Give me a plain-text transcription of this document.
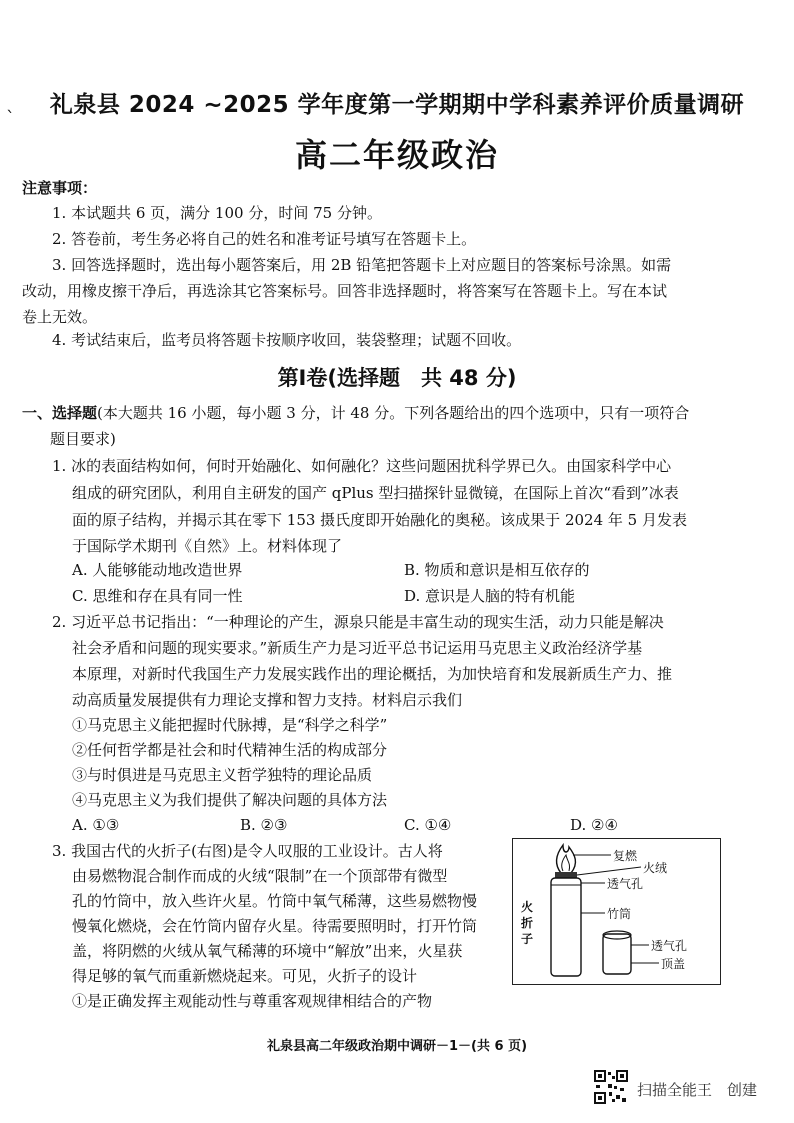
`
礼泉县 2024 ~2025 学年度第一学期期中学科素养评价质量调研
高二年级政治
注意事项：
1. 本试题共 6 页，满分 100 分，时间 75 分钟。
2. 答卷前，考生务必将自己的姓名和准考证号填写在答题卡上。
3. 回答选择题时，选出每小题答案后，用 2B 铅笔把答题卡上对应题目的答案标号涂黑。如需
改动，用橡皮擦干净后，再选涂其它答案标号。回答非选择题时，将答案写在答题卡上。写在本试
卷上无效。
4. 考试结束后，监考员将答题卡按顺序收回，装袋整理；试题不回收。
第Ⅰ卷(选择题　共 48 分)
一、选择题(本大题共 16 小题，每小题 3 分，计 48 分。下列各题给出的四个选项中，只有一项符合
题目要求)
1. 冰的表面结构如何，何时开始融化、如何融化？这些问题困扰科学界已久。由国家科学中心
组成的研究团队，利用自主研发的国产 qPlus 型扫描探针显微镜，在国际上首次“看到”冰表
面的原子结构，并揭示其在零下 153 摄氏度即开始融化的奥秘。该成果于 2024 年 5 月发表
于国际学术期刊《自然》上。材料体现了
A. 人能够能动地改造世界	B. 物质和意识是相互依存的
C. 思维和存在具有同一性	D. 意识是人脑的特有机能
2. 习近平总书记指出：“一种理论的产生，源泉只能是丰富生动的现实生活，动力只能是解决
社会矛盾和问题的现实要求。”新质生产力是习近平总书记运用马克思主义政治经济学基
本原理，对新时代我国生产力发展实践作出的理论概括，为加快培育和发展新质生产力、推
动高质量发展提供有力理论支撑和智力支持。材料启示我们
①马克思主义能把握时代脉搏，是“科学之科学”
②任何哲学都是社会和时代精神生活的构成部分
③与时俱进是马克思主义哲学独特的理论品质
④马克思主义为我们提供了解决问题的具体方法
A. ①③	B. ②③	C. ①④	D. ②④
3. 我国古代的火折子(右图)是令人叹服的工业设计。古人将
由易燃物混合制作而成的火绒“限制”在一个顶部带有微型
孔的竹筒中，放入些许火星。竹筒中氧气稀薄，这些易燃物慢
慢氧化燃烧，会在竹筒内留存火星。待需要照明时，打开竹筒
盖，将阴燃的火绒从氧气稀薄的环境中“解放”出来，火星获
得足够的氧气而重新燃烧起来。可见，火折子的设计
①是正确发挥主观能动性与尊重客观规律相结合的产物
火折子
复燃
火绒
透气孔
竹筒
透气孔
顶盖
礼泉县高二年级政治期中调研－1－(共 6 页)
扫描全能王　创建
